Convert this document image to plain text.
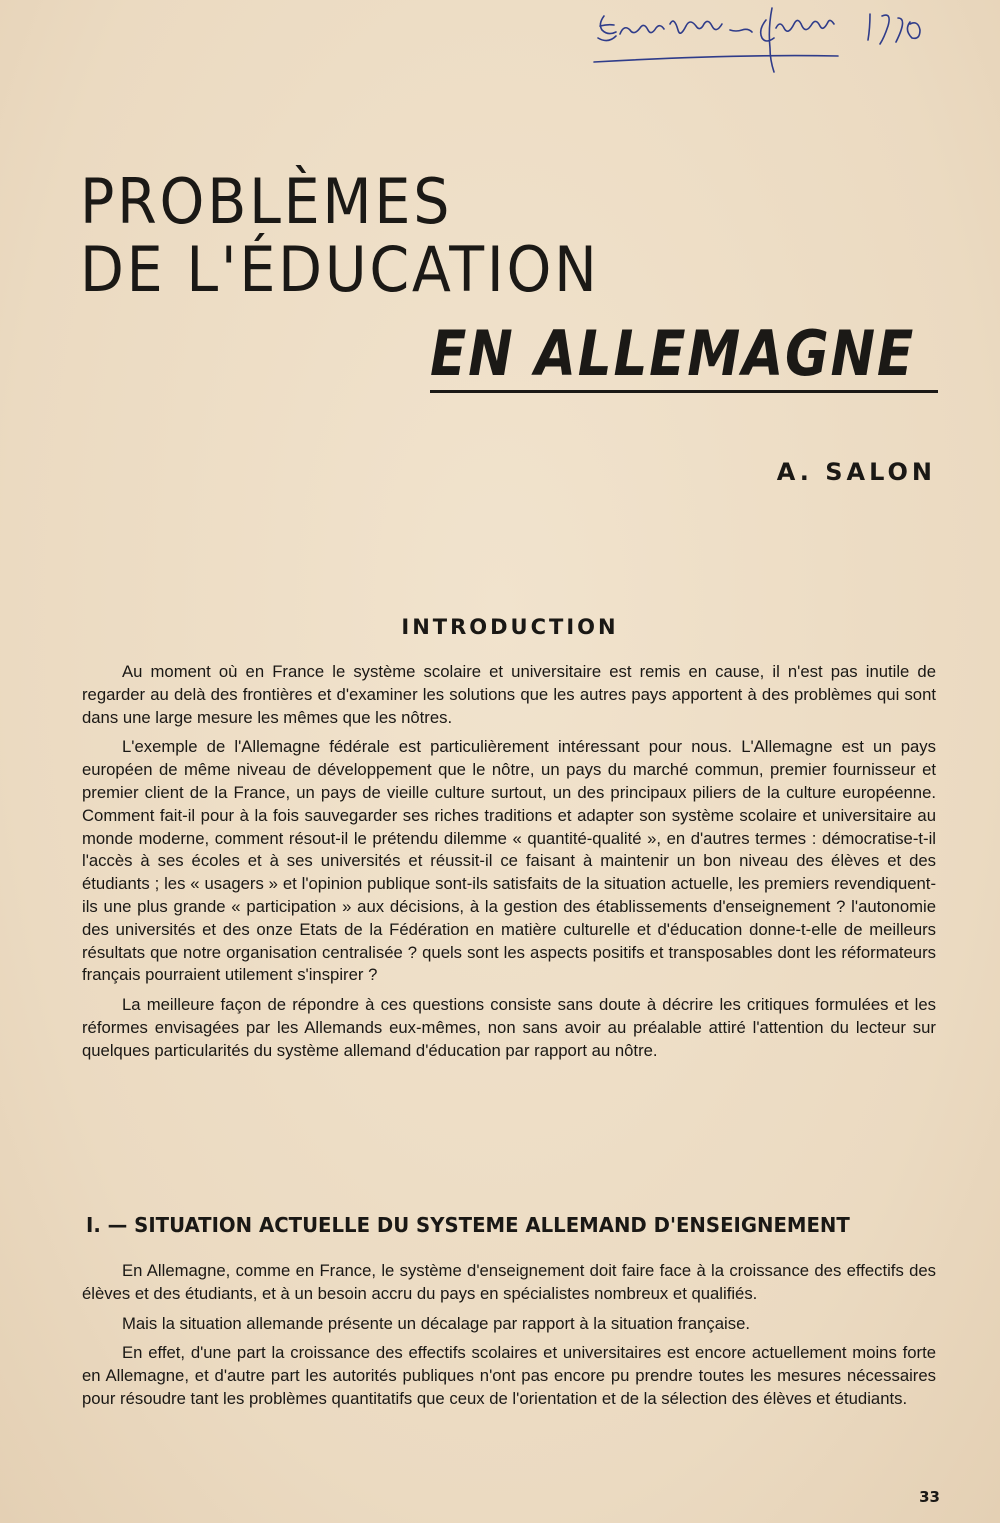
PROBLÈMES
DE L'ÉDUCATION
EN ALLEMAGNE
A. SALON
INTRODUCTION

Au moment où en France le système scolaire et universitaire est remis en cause, il n'est pas inutile de regarder au delà des frontières et d'examiner les solutions que les autres pays apportent à des problèmes qui sont dans une large mesure les mêmes que les nôtres.

L'exemple de l'Allemagne fédérale est particulièrement intéressant pour nous. L'Allemagne est un pays européen de même niveau de développement que le nôtre, un pays du marché commun, premier fournisseur et premier client de la France, un pays de vieille culture surtout, un des principaux piliers de la culture européenne. Comment fait-il pour à la fois sauvegarder ses riches traditions et adapter son système scolaire et universitaire au monde moderne, comment résout-il le prétendu dilemme « quantité-qualité », en d'autres termes : démocratise-t-il l'accès à ses écoles et à ses universités et réussit-il ce faisant à maintenir un bon niveau des élèves et des étudiants ; les « usagers » et l'opinion publique sont-ils satisfaits de la situation actuelle, les premiers revendiquent-ils une plus grande « participation » aux décisions, à la gestion des établissements d'enseignement ? l'autonomie des universités et des onze Etats de la Fédération en matière culturelle et d'éducation donne-t-elle de meilleurs résultats que notre organisation centralisée ? quels sont les aspects positifs et transposables dont les réformateurs français pourraient utilement s'inspirer ?

La meilleure façon de répondre à ces questions consiste sans doute à décrire les critiques formulées et les réformes envisagées par les Allemands eux-mêmes, non sans avoir au préalable attiré l'attention du lecteur sur quelques particularités du système allemand d'éducation par rapport au nôtre.

I. — SITUATION ACTUELLE DU SYSTEME ALLEMAND D'ENSEIGNEMENT

En Allemagne, comme en France, le système d'enseignement doit faire face à la croissance des effectifs des élèves et des étudiants, et à un besoin accru du pays en spécialistes nombreux et qualifiés.

Mais la situation allemande présente un décalage par rapport à la situation française.

En effet, d'une part la croissance des effectifs scolaires et universitaires est encore actuellement moins forte en Allemagne, et d'autre part les autorités publiques n'ont pas encore pu prendre toutes les mesures nécessaires pour résoudre tant les problèmes quantitatifs que ceux de l'orientation et de la sélection des élèves et étudiants.

33
